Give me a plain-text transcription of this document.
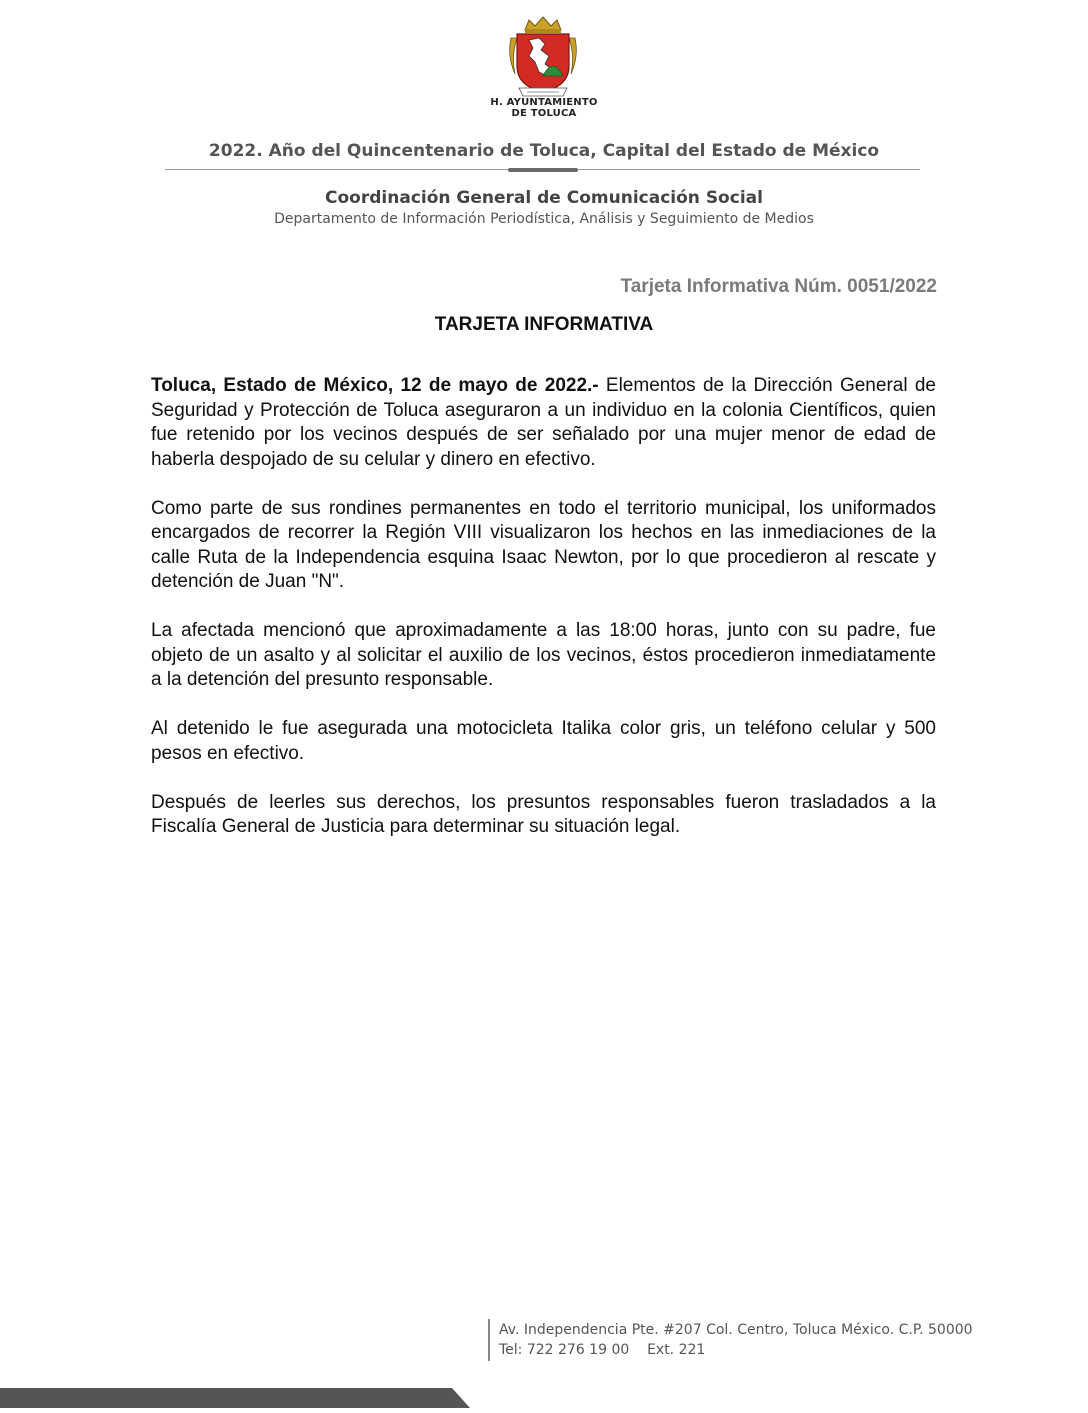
H. AYUNTAMIENTO
DE TOLUCA
2022. Año del Quincentenario de Toluca, Capital del Estado de México
Coordinación General de Comunicación Social
Departamento de Información Periodística, Análisis y Seguimiento de Medios
Tarjeta Informativa Núm. 0051/2022
TARJETA INFORMATIVA

Toluca, Estado de México, 12 de mayo de 2022.- Elementos de la Dirección General de Seguridad y Protección de Toluca aseguraron a un individuo en la colonia Científicos, quien fue retenido por los vecinos después de ser señalado por una mujer menor de edad de haberla despojado de su celular y dinero en efectivo.

Como parte de sus rondines permanentes en todo el territorio municipal, los uniformados encargados de recorrer la Región VIII visualizaron los hechos en las inmediaciones de la calle Ruta de la Independencia esquina Isaac Newton, por lo que procedieron al rescate y detención de Juan "N".

La afectada mencionó que aproximadamente a las 18:00 horas, junto con su padre, fue objeto de un asalto y al solicitar el auxilio de los vecinos, éstos procedieron inmediatamente a la detención del presunto responsable.

Al detenido le fue asegurada una motocicleta Italika color gris, un teléfono celular y 500 pesos en efectivo.

Después de leerles sus derechos, los presuntos responsables fueron trasladados a la Fiscalía General de Justicia para determinar su situación legal.

Av. Independencia Pte. #207 Col. Centro, Toluca México. C.P. 50000
Tel: 722 276 19 00    Ext. 221
